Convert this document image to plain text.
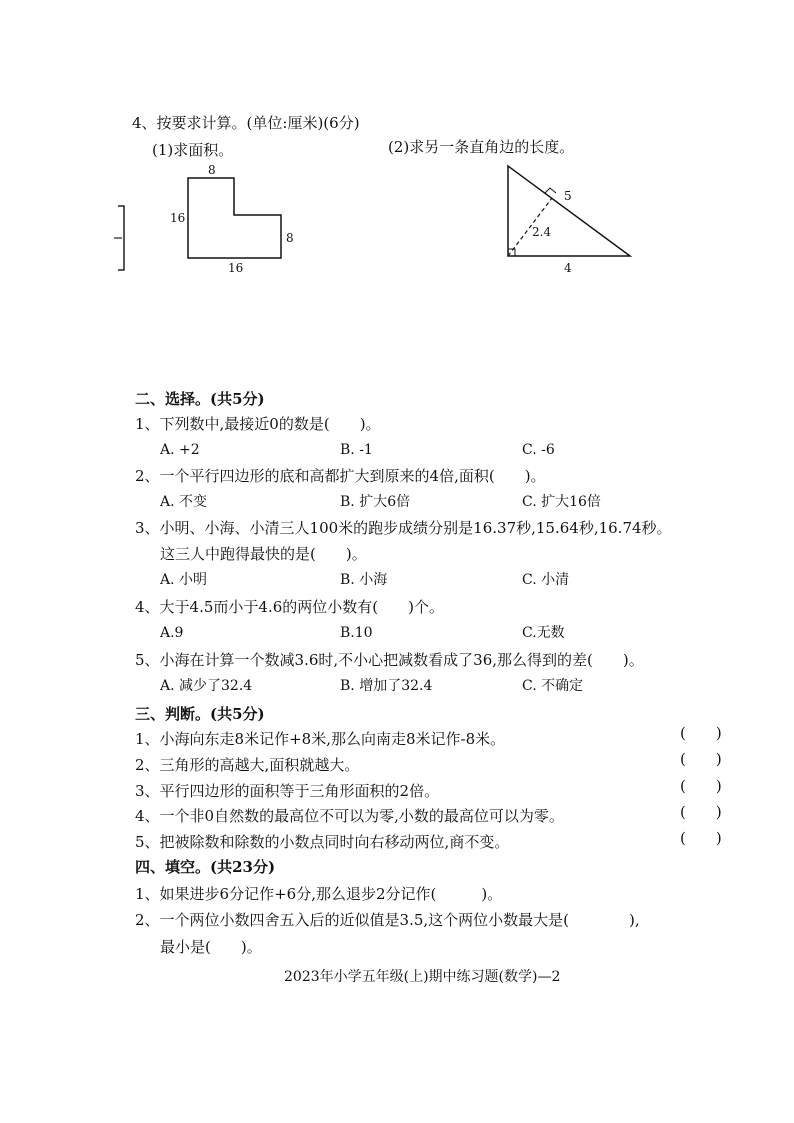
4、按要求计算。(单位:厘米)(6分)
(1)求面积。	(2)求另一条直角边的长度。
8
16
8
16
5
2.4
4
二、选择。(共5分)
1、下列数中,最接近0的数是(　　)。
A. +2	B. -1	C. -6
2、一个平行四边形的底和高都扩大到原来的4倍,面积(　　)。
A. 不变	B. 扩大6倍	C. 扩大16倍
3、小明、小海、小清三人100米的跑步成绩分别是16.37秒,15.64秒,16.74秒。
这三人中跑得最快的是(　　)。
A. 小明	B. 小海	C. 小清
4、大于4.5而小于4.6的两位小数有(　　)个。
A.9	B.10	C.无数
5、小海在计算一个数减3.6时,不小心把减数看成了36,那么得到的差(　　)。
A. 减少了32.4	B. 增加了32.4	C. 不确定
三、判断。(共5分)
1、小海向东走8米记作+8米,那么向南走8米记作-8米。	(　　)
2、三角形的高越大,面积就越大。	(　　)
3、平行四边形的面积等于三角形面积的2倍。	(　　)
4、一个非0自然数的最高位不可以为零,小数的最高位可以为零。	(　　)
5、把被除数和除数的小数点同时向右移动两位,商不变。	(　　)
四、填空。(共23分)
1、如果进步6分记作+6分,那么退步2分记作(　　　)。
2、一个两位小数四舍五入后的近似值是3.5,这个两位小数最大是(　　　　),
最小是(　　)。
2023年小学五年级(上)期中练习题(数学)—2
